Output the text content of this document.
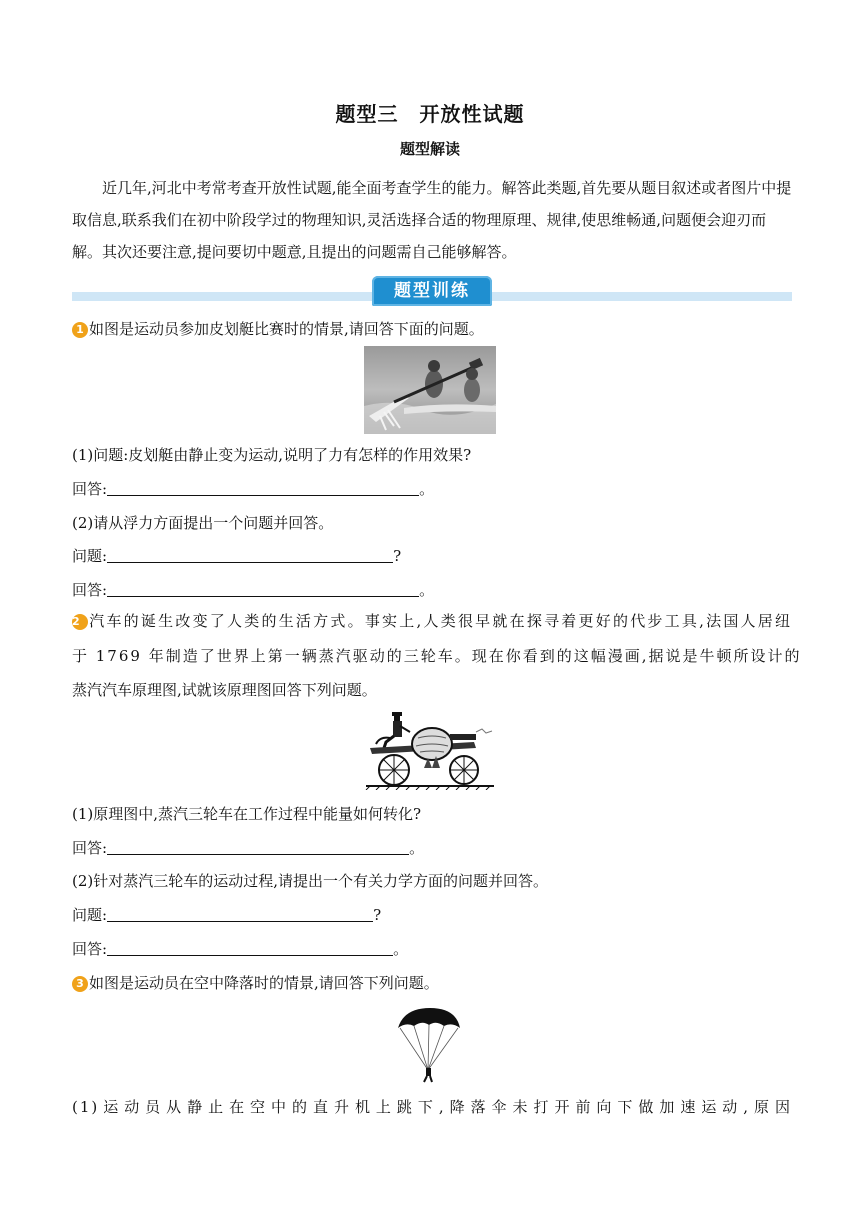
题型三　开放性试题
题型解读
近几年,河北中考常考查开放性试题,能全面考查学生的能力。解答此类题,首先要从题目叙述或者图片中提取信息,联系我们在初中阶段学过的物理知识,灵活选择合适的物理原理、规律,使思维畅通,问题便会迎刃而解。其次还要注意,提问要切中题意,且提出的问题需自己能够解答。
题型训练
1 如图是运动员参加皮划艇比赛时的情景,请回答下面的问题。
(1)问题:皮划艇由静止变为运动,说明了力有怎样的作用效果?
回答:	。
(2)请从浮力方面提出一个问题并回答。
问题:	?
回答:	。
2 汽车的诞生改变了人类的生活方式。事实上,人类很早就在探寻着更好的代步工具,法国人居纽
于 1769 年制造了世界上第一辆蒸汽驱动的三轮车。现在你看到的这幅漫画,据说是牛顿所设计的
蒸汽汽车原理图,试就该原理图回答下列问题。
(1)原理图中,蒸汽三轮车在工作过程中能量如何转化?
回答:	。
(2)针对蒸汽三轮车的运动过程,请提出一个有关力学方面的问题并回答。
问题:	?
回答:	。
3 如图是运动员在空中降落时的情景,请回答下列问题。
(1)运动员从静止在空中的直升机上跳下,降落伞未打开前向下做加速运动,原因
